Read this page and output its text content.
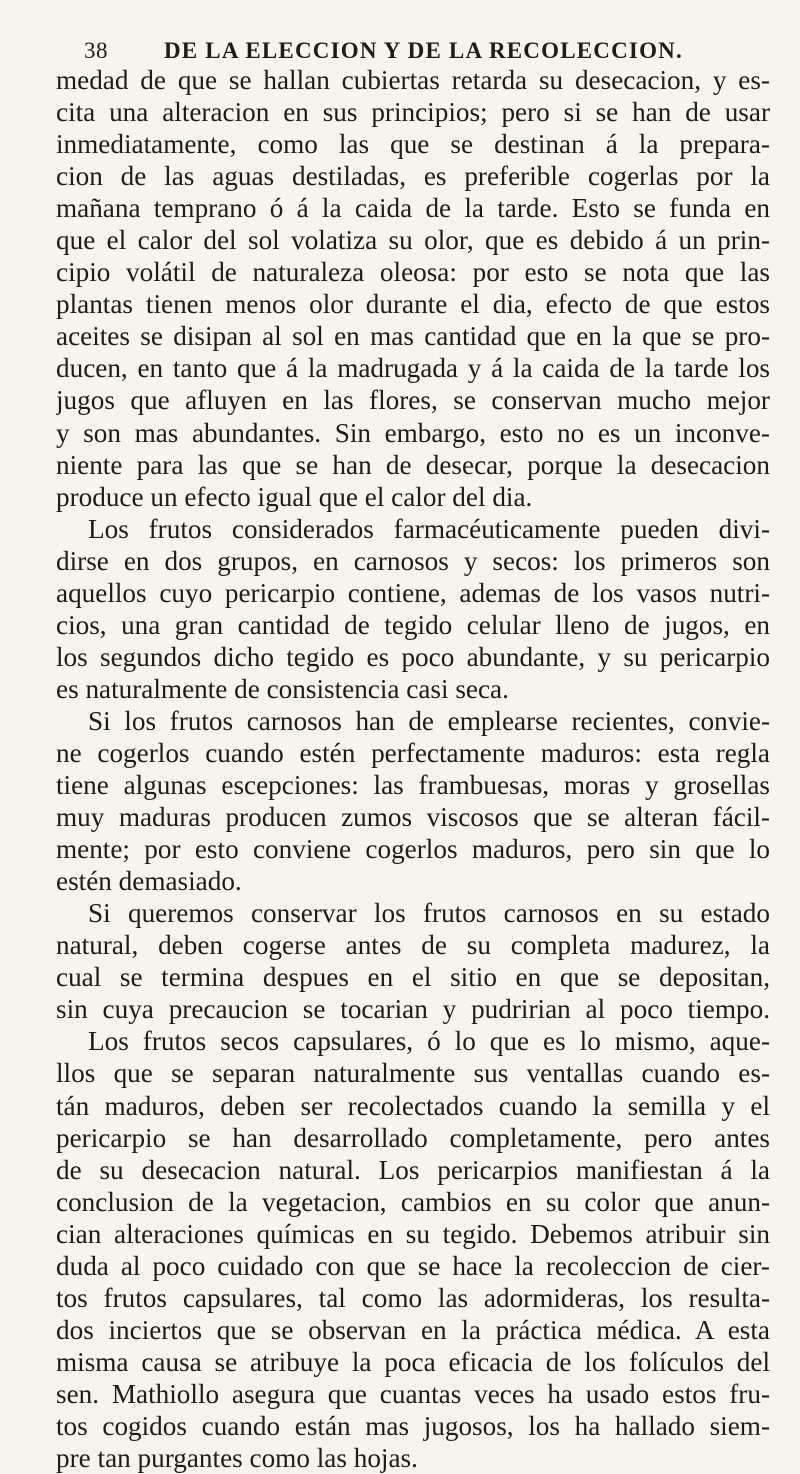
38 DE LA ELECCION Y DE LA RECOLECCION.
medad de que se hallan cubiertas retarda su desecacion, y es-
cita una alteracion en sus principios; pero si se han de usar
inmediatamente, como las que se destinan á la prepara-
cion de las aguas destiladas, es preferible cogerlas por la
mañana temprano ó á la caida de la tarde. Esto se funda en
que el calor del sol volatiza su olor, que es debido á un prin-
cipio volátil de naturaleza oleosa: por esto se nota que las
plantas tienen menos olor durante el dia, efecto de que estos
aceites se disipan al sol en mas cantidad que en la que se pro-
ducen, en tanto que á la madrugada y á la caida de la tarde los
jugos que afluyen en las flores, se conservan mucho mejor
y son mas abundantes. Sin embargo, esto no es un inconve-
niente para las que se han de desecar, porque la desecacion
produce un efecto igual que el calor del dia.
Los frutos considerados farmacéuticamente pueden divi-
dirse en dos grupos, en carnosos y secos: los primeros son
aquellos cuyo pericarpio contiene, ademas de los vasos nutri-
cios, una gran cantidad de tegido celular lleno de jugos, en
los segundos dicho tegido es poco abundante, y su pericarpio
es naturalmente de consistencia casi seca.
Si los frutos carnosos han de emplearse recientes, convie-
ne cogerlos cuando estén perfectamente maduros: esta regla
tiene algunas escepciones: las frambuesas, moras y grosellas
muy maduras producen zumos viscosos que se alteran fácil-
mente; por esto conviene cogerlos maduros, pero sin que lo
estén demasiado.
Si queremos conservar los frutos carnosos en su estado
natural, deben cogerse antes de su completa madurez, la
cual se termina despues en el sitio en que se depositan,
sin cuya precaucion se tocarian y pudririan al poco tiempo.
Los frutos secos capsulares, ó lo que es lo mismo, aque-
llos que se separan naturalmente sus ventallas cuando es-
tán maduros, deben ser recolectados cuando la semilla y el
pericarpio se han desarrollado completamente, pero antes
de su desecacion natural. Los pericarpios manifiestan á la
conclusion de la vegetacion, cambios en su color que anun-
cian alteraciones químicas en su tegido. Debemos atribuir sin
duda al poco cuidado con que se hace la recoleccion de cier-
tos frutos capsulares, tal como las adormideras, los resulta-
dos inciertos que se observan en la práctica médica. A esta
misma causa se atribuye la poca eficacia de los folículos del
sen. Mathiollo asegura que cuantas veces ha usado estos fru-
tos cogidos cuando están mas jugosos, los ha hallado siem-
pre tan purgantes como las hojas.
